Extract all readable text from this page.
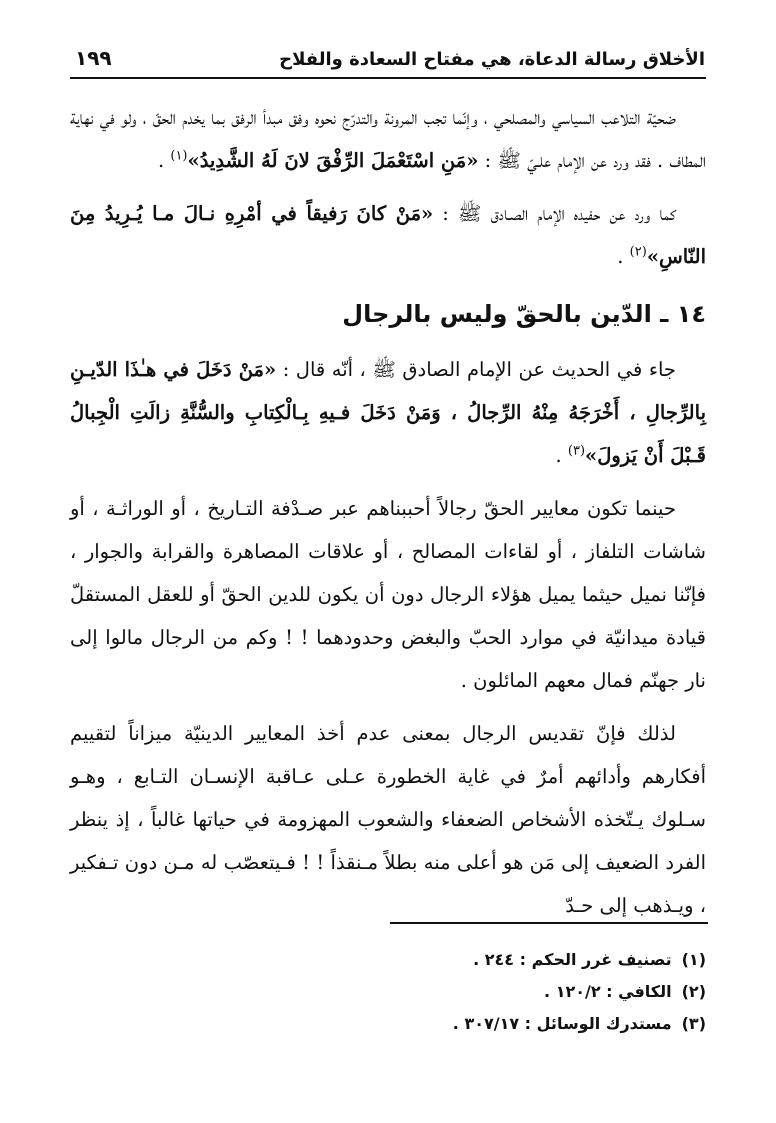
الأخلاق رسالة الدعاة، هي مفتاح السعادة والفلاح
١٩٩

ضحيّة التلاعب السياسي والمصلحي ، وإنّما تجب المرونة والتدرّج نحوه وفق مبدأ الرفق بما يخدم الحقّ ، ولو في نهاية المطاف . فقد ورد عن الإمام علـيّ ﷺ : «مَنِ اسْتَعْمَلَ الرِّفْقَ لانَ لَهُ الشَّدِيدُ»$^{(١)}$ .

كما ورد عن حفيده الإمام الصـادق ﷺ : «مَنْ كانَ رَفيقاً في أمْرِهِ نـالَ مـا يُـرِيدُ مِنَ النّاسِ»$^{(٢)}$ .

١٤ ـ الدّين بالحقّ وليس بالرجال

جاء في الحديث عن الإمام الصادق ﷺ ، أنّه قال : «مَنْ دَخَلَ في هـٰذَا الدّيـنِ بِالرِّجالِ ، أَخْرَجَهُ مِنْهُ الرِّجالُ ، وَمَنْ دَخَلَ فـيهِ بِـالْكِتابِ والسُّنَّةِ زالَتِ الْجِبالُ قَـبْلَ أَنْ يَزولَ»$^{(٣)}$ .

حينما تكون معايير الحقّ رجالاً أحببناهم عبر صـدْفة التـاريخ ، أو الوراثـة ، أو شاشات التلفاز ، أو لقاءات المصالح ، أو علاقات المصاهرة والقرابة والجوار ، فإنّنا نميل حيثما يميل هؤلاء الرجال دون أن يكون للدين الحقّ أو للعقل المستقلّ قيادة ميدانيّة في موارد الحبّ والبغض وحدودهما ! ! وكم من الرجال مالوا إلى نار جهنّم فمال معهم المائلون .

لذلك فإنّ تقديس الرجال بمعنى عدم أخذ المعايير الدينيّة ميزاناً لتقييم أفكارهم وأدائهم أمرٌ في غاية الخطورة عـلى عـاقبة الإنسـان التـابع ، وهـو سـلوك يـتّخذه الأشخاص الضعفاء والشعوب المهزومة في حياتها غالباً ، إذ ينظر الفرد الضعيف إلى مَن هو أعلى منه بطلاً مـنقذاً ! ! فـيتعصّب له مـن دون تـفكير ، ويـذهب إلى حـدّ

(١)تصنيف غرر الحكم : ٢٤٤ .

(٢)الكافي : ١٢٠/٢ .

(٣)مستدرك الوسائل : ٣٠٧/١٧ .
